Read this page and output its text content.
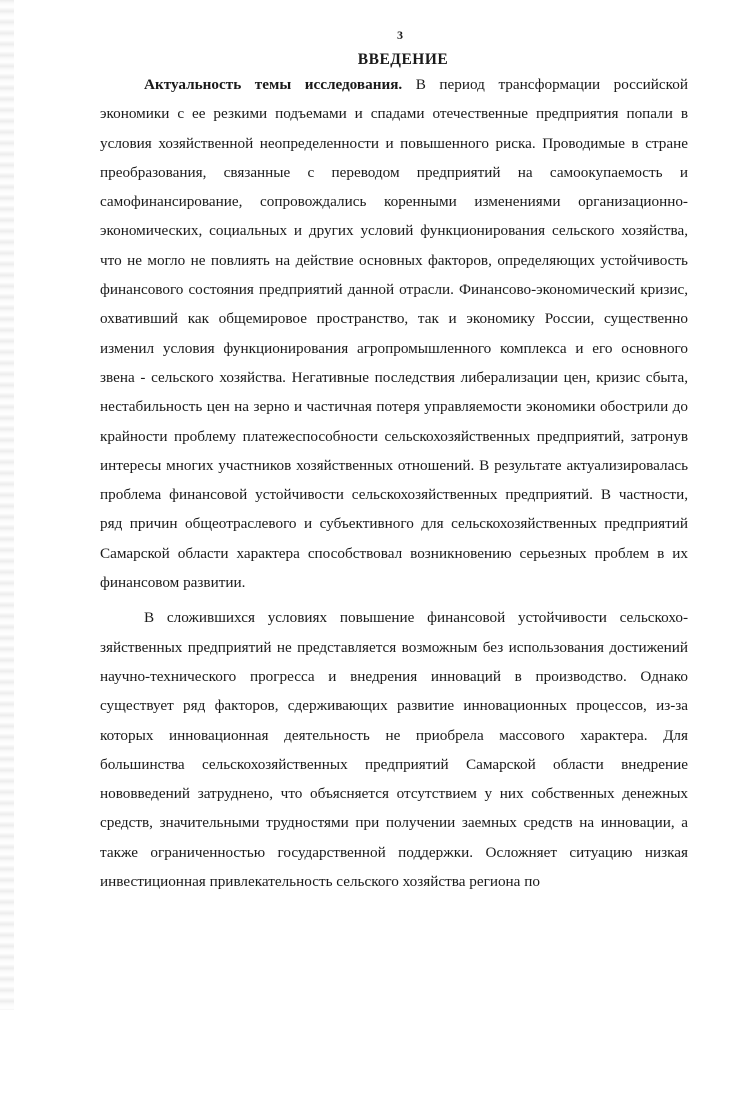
3
ВВЕДЕНИЕ

Актуальность темы исследования. В период трансформации российской экономики с ее резкими подъемами и спадами отечественные предприятия попали в условия хозяйственной неопределенности и повышенного риска. Проводимые в стране преобразования, связанные с переводом предприятий на самоокупаемость и самофинансирование, сопровождались коренными изменениями организационно-экономических, социальных и других условий функционирования сельского хозяйства, что не могло не повлиять на действие основных факторов, определяющих устойчивость финансового состояния предприятий данной отрасли. Финансово-экономический кризис, охвативший как общемировое пространство, так и экономику России, существенно изменил условия функционирования агропромышленного комплекса и его основного звена - сельского хозяйства. Негативные последствия либерализации цен, кризис сбыта, нестабильность цен на зерно и частичная потеря управляемости экономики обострили до крайности проблему платежеспособности сельскохозяйственных предприятий, затронув интересы многих участников хозяйственных отношений. В результате актуализировалась проблема финансовой устойчивости сельскохозяйственных предприятий. В частности, ряд причин общеотраслевого и субъективного для сельскохозяйственных предприятий Самарской области характера способствовал возникновению серьезных проблем в их финансовом развитии.

В сложившихся условиях повышение финансовой устойчивости сельскохозяйственных предприятий не представляется возможным без использования достижений научно-технического прогресса и внедрения инноваций в производство. Однако существует ряд факторов, сдерживающих развитие инновационных процессов, из-за которых инновационная деятельность не приобрела массового характера. Для большинства сельскохозяйственных предприятий Самарской области внедрение нововведений затруднено, что объясняется отсутствием у них собственных денежных средств, значительными трудностями при получении заемных средств на инновации, а также ограниченностью государственной поддержки. Осложняет ситуацию низкая инвестиционная привлекательность сельского хозяйства региона по
